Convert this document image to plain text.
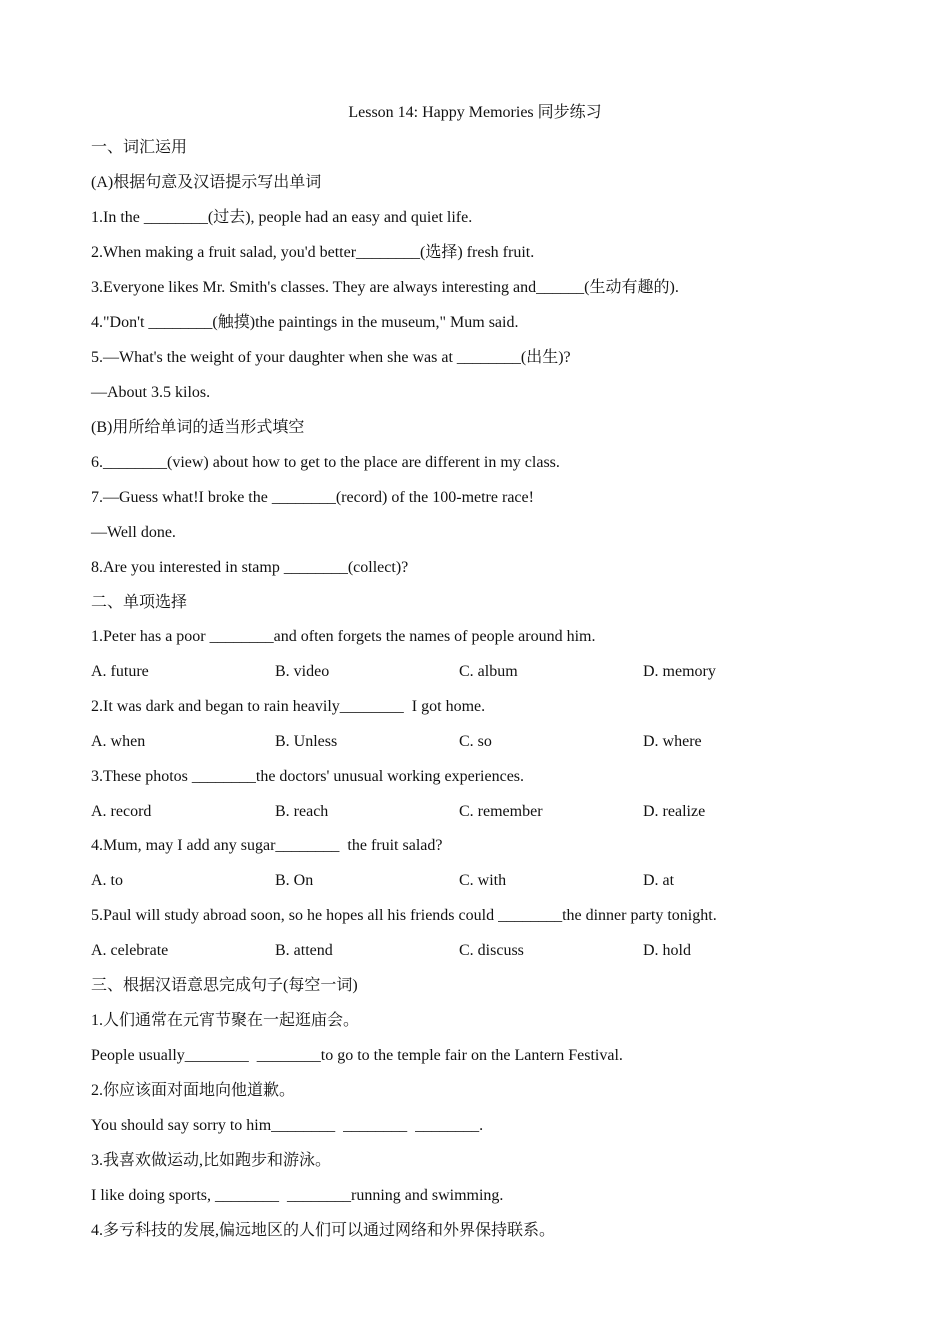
Lesson 14: Happy Memories 同步练习
一、词汇运用
(A)根据句意及汉语提示写出单词
1.In the ________(过去), people had an easy and quiet life.
2.When making a fruit salad, you'd better________(选择) fresh fruit.
3.Everyone likes Mr. Smith's classes. They are always interesting and______(生动有趣的).
4."Don't ________(触摸)the paintings in the museum," Mum said.
5.—What's the weight of your daughter when she was at ________(出生)?
—About 3.5 kilos.
(B)用所给单词的适当形式填空
6.________(view) about how to get to the place are different in my class.
7.—Guess what!I broke the ________(record) of the 100-metre race!
—Well done.
8.Are you interested in stamp ________(collect)?
二、单项选择
1.Peter has a poor ________and often forgets the names of people around him.
A. future	B. video	C. album	D. memory
2.It was dark and began to rain heavily________  I got home.
A. when	B. Unless	C. so	D. where
3.These photos ________the doctors' unusual working experiences.
A. record	B. reach	C. remember	D. realize
4.Mum, may I add any sugar________  the fruit salad?
A. to	B. On	C. with	D. at
5.Paul will study abroad soon, so he hopes all his friends could ________the dinner party tonight.
A. celebrate	B. attend	C. discuss	D. hold
三、根据汉语意思完成句子(每空一词)
1.人们通常在元宵节聚在一起逛庙会。
People usually________  ________to go to the temple fair on the Lantern Festival.
2.你应该面对面地向他道歉。
You should say sorry to him________  ________  ________.
3.我喜欢做运动,比如跑步和游泳。
I like doing sports, ________  ________running and swimming.
4.多亏科技的发展,偏远地区的人们可以通过网络和外界保持联系。
